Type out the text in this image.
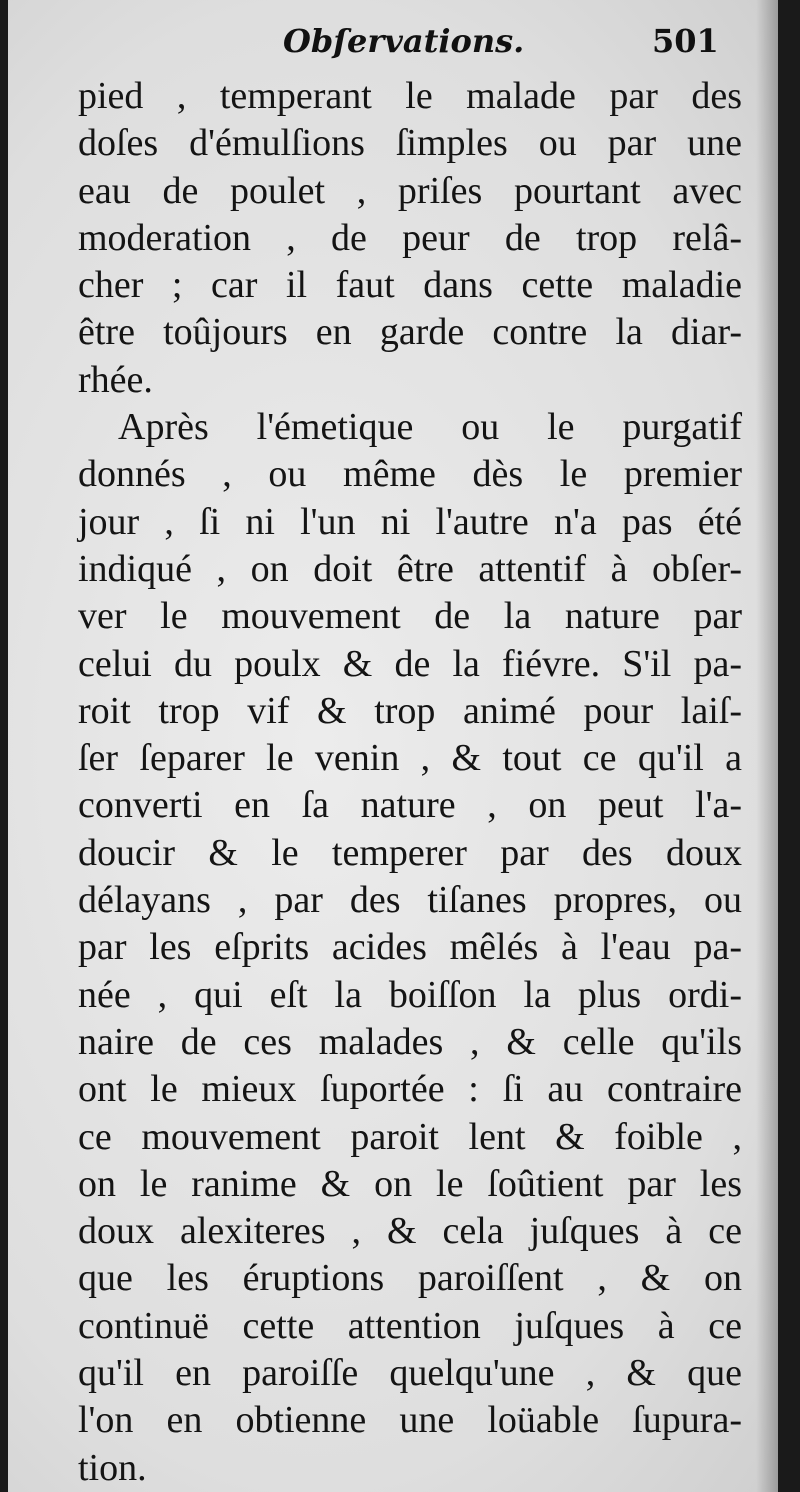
Obſervations.	501
pied , temperant le malade par des
doſes d'émulſions ſimples ou par une
eau de poulet , priſes pourtant avec
moderation , de peur de trop relâ-
cher ; car il faut dans cette maladie
être toûjours en garde contre la diar-
rhée.
Après l'émetique ou le purgatif
donnés , ou même dès le premier
jour , ſi ni l'un ni l'autre n'a pas été
indiqué , on doit être attentif à obſer-
ver le mouvement de la nature par
celui du poulx & de la fiévre. S'il pa-
roit trop vif & trop animé pour laiſ-
ſer ſeparer le venin , & tout ce qu'il a
converti en ſa nature , on peut l'a-
doucir & le temperer par des doux
délayans , par des tiſanes propres, ou
par les eſprits acides mêlés à l'eau pa-
née , qui eſt la boiſſon la plus ordi-
naire de ces malades , & celle qu'ils
ont le mieux ſuportée : ſi au contraire
ce mouvement paroit lent & foible ,
on le ranime & on le ſoûtient par les
doux alexiteres , & cela juſques à ce
que les éruptions paroiſſent , & on
continuë cette attention juſques à ce
qu'il en paroiſſe quelqu'une , & que
l'on en obtienne une loüable ſupura-
tion.
